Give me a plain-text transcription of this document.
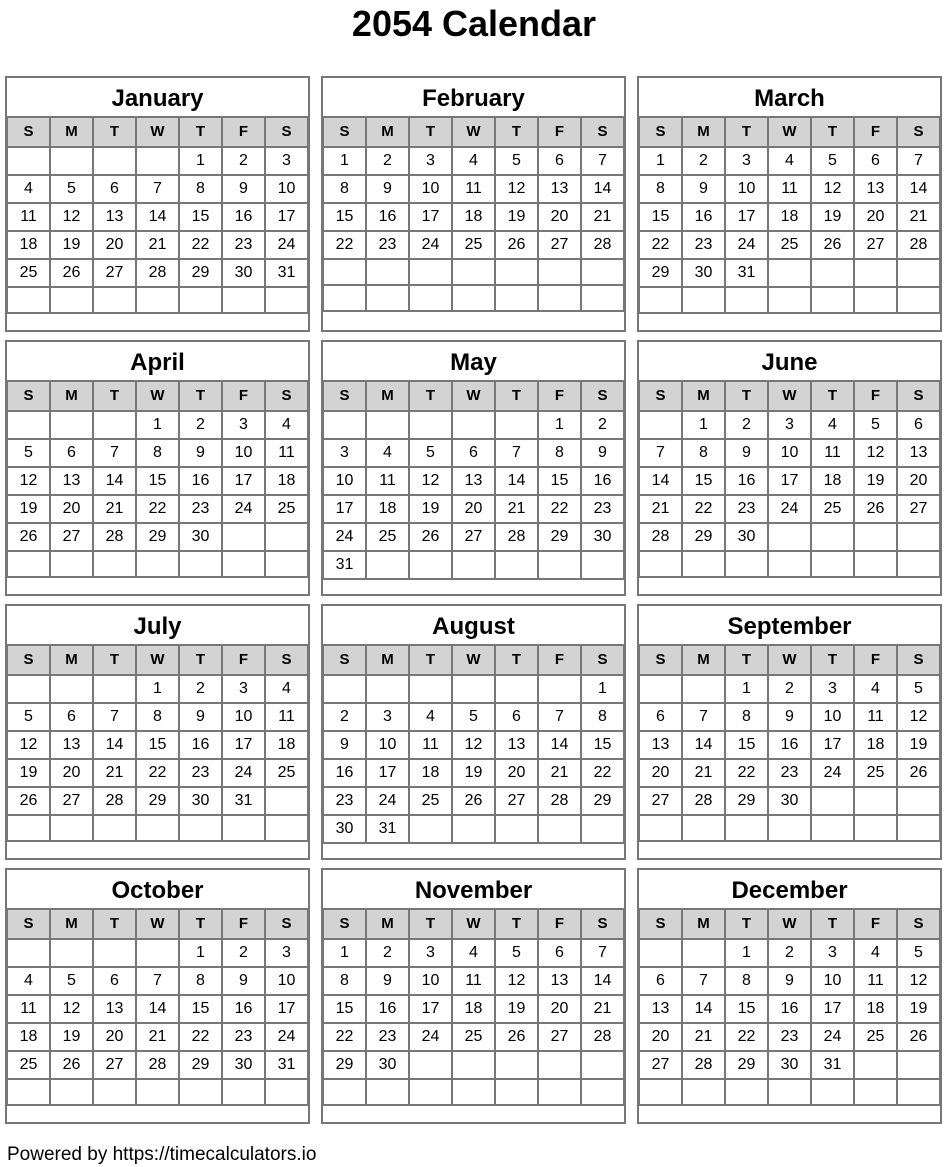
2054 Calendar
January
S	M	T	W	T	F	S
				1	2	3
4	5	6	7	8	9	10
11	12	13	14	15	16	17
18	19	20	21	22	23	24
25	26	27	28	29	30	31

February
S	M	T	W	T	F	S
1	2	3	4	5	6	7
8	9	10	11	12	13	14
15	16	17	18	19	20	21
22	23	24	25	26	27	28

March
S	M	T	W	T	F	S
1	2	3	4	5	6	7
8	9	10	11	12	13	14
15	16	17	18	19	20	21
22	23	24	25	26	27	28
29	30	31				

April
S	M	T	W	T	F	S
			1	2	3	4
5	6	7	8	9	10	11
12	13	14	15	16	17	18
19	20	21	22	23	24	25
26	27	28	29	30		

May
S	M	T	W	T	F	S
					1	2
3	4	5	6	7	8	9
10	11	12	13	14	15	16
17	18	19	20	21	22	23
24	25	26	27	28	29	30
31						
June
S	M	T	W	T	F	S
	1	2	3	4	5	6
7	8	9	10	11	12	13
14	15	16	17	18	19	20
21	22	23	24	25	26	27
28	29	30				

July
S	M	T	W	T	F	S
			1	2	3	4
5	6	7	8	9	10	11
12	13	14	15	16	17	18
19	20	21	22	23	24	25
26	27	28	29	30	31	

August
S	M	T	W	T	F	S
						1
2	3	4	5	6	7	8
9	10	11	12	13	14	15
16	17	18	19	20	21	22
23	24	25	26	27	28	29
30	31					
September
S	M	T	W	T	F	S
		1	2	3	4	5
6	7	8	9	10	11	12
13	14	15	16	17	18	19
20	21	22	23	24	25	26
27	28	29	30			

October
S	M	T	W	T	F	S
				1	2	3
4	5	6	7	8	9	10
11	12	13	14	15	16	17
18	19	20	21	22	23	24
25	26	27	28	29	30	31

November
S	M	T	W	T	F	S
1	2	3	4	5	6	7
8	9	10	11	12	13	14
15	16	17	18	19	20	21
22	23	24	25	26	27	28
29	30					

December
S	M	T	W	T	F	S
		1	2	3	4	5
6	7	8	9	10	11	12
13	14	15	16	17	18	19
20	21	22	23	24	25	26
27	28	29	30	31		

Powered by https://timecalculators.io
